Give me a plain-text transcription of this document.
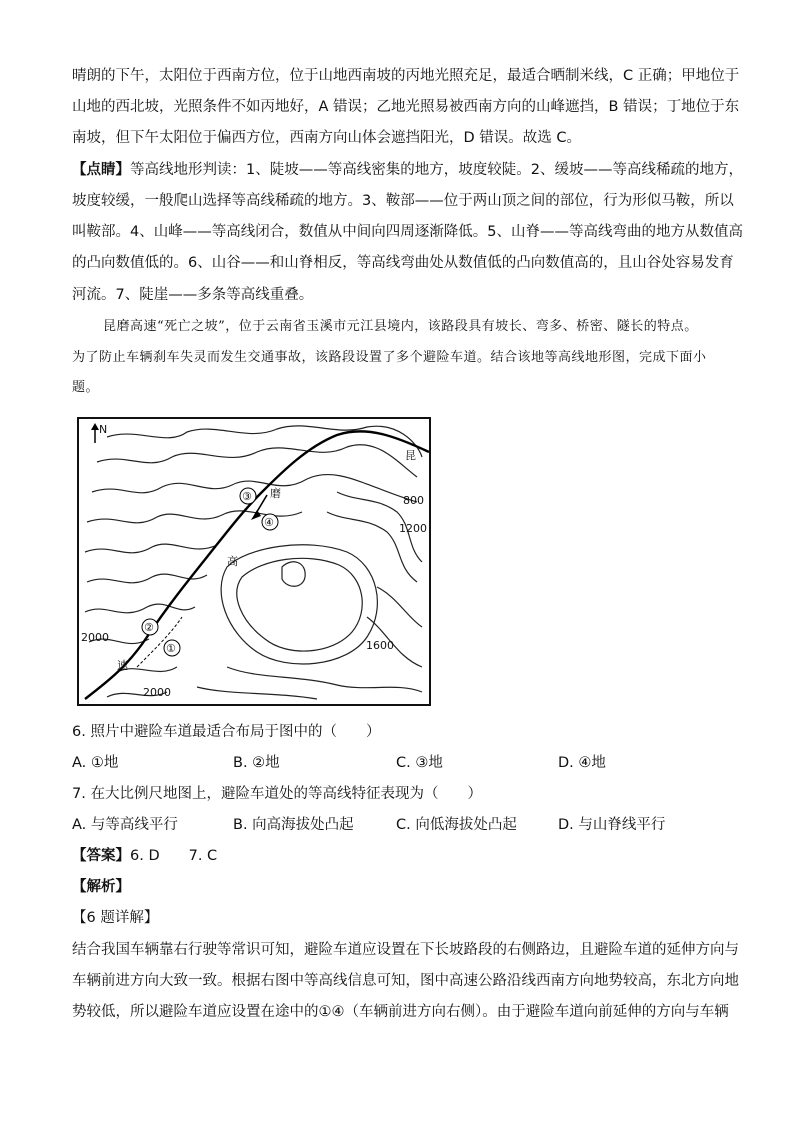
晴朗的下午，太阳位于西南方位，位于山地西南坡的丙地光照充足，最适合晒制米线，C 正确；甲地位于
山地的西北坡，光照条件不如丙地好，A 错误；乙地光照易被西南方向的山峰遮挡，B 错误；丁地位于东
南坡，但下午太阳位于偏西方位，西南方向山体会遮挡阳光，D 错误。故选 C。
【点睛】等高线地形判读：1、陡坡——等高线密集的地方，坡度较陡。2、缓坡——等高线稀疏的地方，
坡度较缓，一般爬山选择等高线稀疏的地方。3、鞍部——位于两山顶之间的部位，行为形似马鞍，所以
叫鞍部。4、山峰——等高线闭合，数值从中间向四周逐渐降低。5、山脊——等高线弯曲的地方从数值高
的凸向数值低的。6、山谷——和山脊相反，等高线弯曲处从数值低的凸向数值高的，且山谷处容易发育
河流。7、陡崖——多条等高线重叠。
昆磨高速“死亡之坡”，位于云南省玉溪市元江县境内，该路段具有坡长、弯多、桥密、隧长的特点。
为了防止车辆刹车失灵而发生交通事故，该路段设置了多个避险车道。结合该地等高线地形图，完成下面小
题。
N
昆
磨
高
速
800
1200
1600
2000
2000
③
④
②
①
6. 照片中避险车道最适合布局于图中的（　　）
A. ①地	B. ②地	C. ③地	D. ④地
7. 在大比例尺地图上，避险车道处的等高线特征表现为（　　）
A. 与等高线平行	B. 向高海拔处凸起	C. 向低海拔处凸起	D. 与山脊线平行
【答案】6. D　　7. C
【解析】
【6 题详解】
结合我国车辆靠右行驶等常识可知，避险车道应设置在下长坡路段的右侧路边，且避险车道的延伸方向与
车辆前进方向大致一致。根据右图中等高线信息可知，图中高速公路沿线西南方向地势较高，东北方向地
势较低，所以避险车道应设置在途中的①④（车辆前进方向右侧）。由于避险车道向前延伸的方向与车辆
